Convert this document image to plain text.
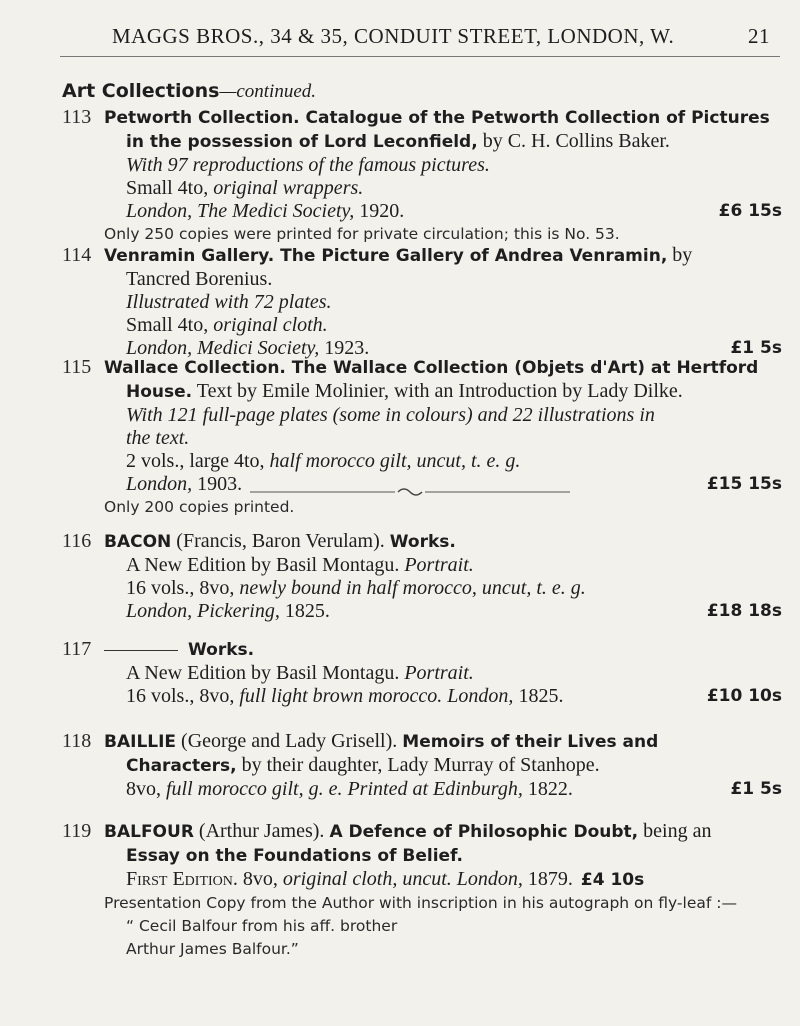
MAGGS BROS., 34 & 35, CONDUIT STREET, LONDON, W.	21
Art Collections—continued.
113 Petworth Collection. Catalogue of the Petworth Collection of Pictures
in the possession of Lord Leconfield, by C. H. Collins Baker.
With 97 reproductions of the famous pictures.
Small 4to, original wrappers.
London, The Medici Society, 1920.	£6 15s
Only 250 copies were printed for private circulation; this is No. 53.
114 Venramin Gallery. The Picture Gallery of Andrea Venramin, by
Tancred Borenius.
Illustrated with 72 plates.
Small 4to, original cloth.
London, Medici Society, 1923.	£1 5s
115 Wallace Collection. The Wallace Collection (Objets d'Art) at Hertford
House. Text by Emile Molinier, with an Introduction by Lady Dilke.
With 121 full-page plates (some in colours) and 22 illustrations in
the text.
2 vols., large 4to, half morocco gilt, uncut, t. e. g.
London, 1903.	£15 15s
Only 200 copies printed.
116 BACON (Francis, Baron Verulam). Works.
A New Edition by Basil Montagu. Portrait.
16 vols., 8vo, newly bound in half morocco, uncut, t. e. g.
London, Pickering, 1825.	£18 18s
117	Works.
A New Edition by Basil Montagu. Portrait.
16 vols., 8vo, full light brown morocco. London, 1825.	£10 10s
118 BAILLIE (George and Lady Grisell). Memoirs of their Lives and
Characters, by their daughter, Lady Murray of Stanhope.
8vo, full morocco gilt, g. e. Printed at Edinburgh, 1822.	£1 5s
119 BALFOUR (Arthur James). A Defence of Philosophic Doubt, being an
Essay on the Foundations of Belief.
First Edition. 8vo, original cloth, uncut. London, 1879. £4 10s
Presentation Copy from the Author with inscription in his autograph on fly-leaf :—
“ Cecil Balfour from his aff. brother
Arthur James Balfour.”
